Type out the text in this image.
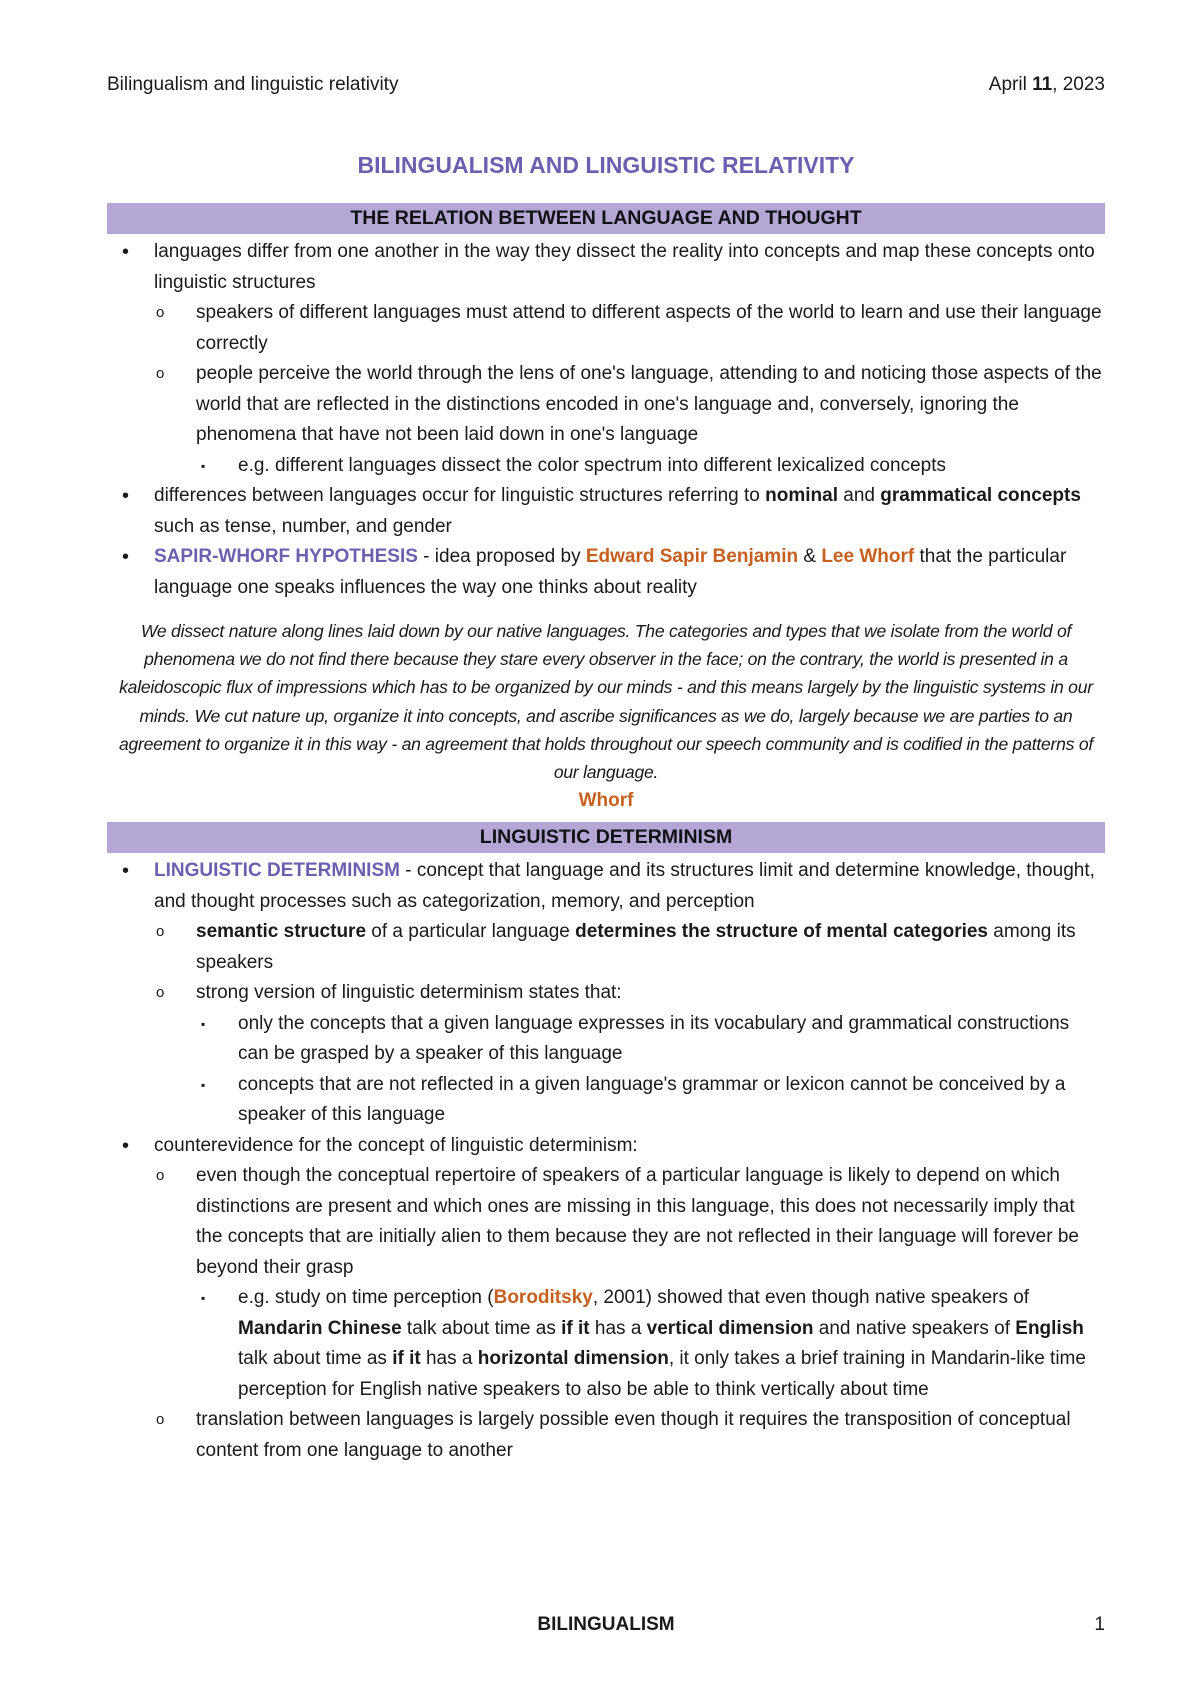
Bilingualism and linguistic relativity	April 11, 2023
BILINGUALISM AND LINGUISTIC RELATIVITY
THE RELATION BETWEEN LANGUAGE AND THOUGHT
• languages differ from one another in the way they dissect the reality into concepts and map these concepts onto linguistic structures
o speakers of different languages must attend to different aspects of the world to learn and use their language correctly
o people perceive the world through the lens of one's language, attending to and noticing those aspects of the world that are reflected in the distinctions encoded in one's language and, conversely, ignoring the phenomena that have not been laid down in one's language
▪ e.g. different languages dissect the color spectrum into different lexicalized concepts
• differences between languages occur for linguistic structures referring to nominal and grammatical concepts such as tense, number, and gender
• SAPIR-WHORF HYPOTHESIS - idea proposed by Edward Sapir Benjamin & Lee Whorf that the particular language one speaks influences the way one thinks about reality
We dissect nature along lines laid down by our native languages. The categories and types that we isolate from the world of phenomena we do not find there because they stare every observer in the face; on the contrary, the world is presented in a kaleidoscopic flux of impressions which has to be organized by our minds - and this means largely by the linguistic systems in our minds. We cut nature up, organize it into concepts, and ascribe significances as we do, largely because we are parties to an agreement to organize it in this way - an agreement that holds throughout our speech community and is codified in the patterns of our language.
Whorf
LINGUISTIC DETERMINISM
• LINGUISTIC DETERMINISM - concept that language and its structures limit and determine knowledge, thought, and thought processes such as categorization, memory, and perception
o semantic structure of a particular language determines the structure of mental categories among its speakers
o strong version of linguistic determinism states that:
▪ only the concepts that a given language expresses in its vocabulary and grammatical constructions can be grasped by a speaker of this language
▪ concepts that are not reflected in a given language's grammar or lexicon cannot be conceived by a speaker of this language
• counterevidence for the concept of linguistic determinism:
o even though the conceptual repertoire of speakers of a particular language is likely to depend on which distinctions are present and which ones are missing in this language, this does not necessarily imply that the concepts that are initially alien to them because they are not reflected in their language will forever be beyond their grasp
▪ e.g. study on time perception (Boroditsky, 2001) showed that even though native speakers of Mandarin Chinese talk about time as if it has a vertical dimension and native speakers of English talk about time as if it has a horizontal dimension, it only takes a brief training in Mandarin-like time perception for English native speakers to also be able to think vertically about time
o translation between languages is largely possible even though it requires the transposition of conceptual content from one language to another
BILINGUALISM	1
